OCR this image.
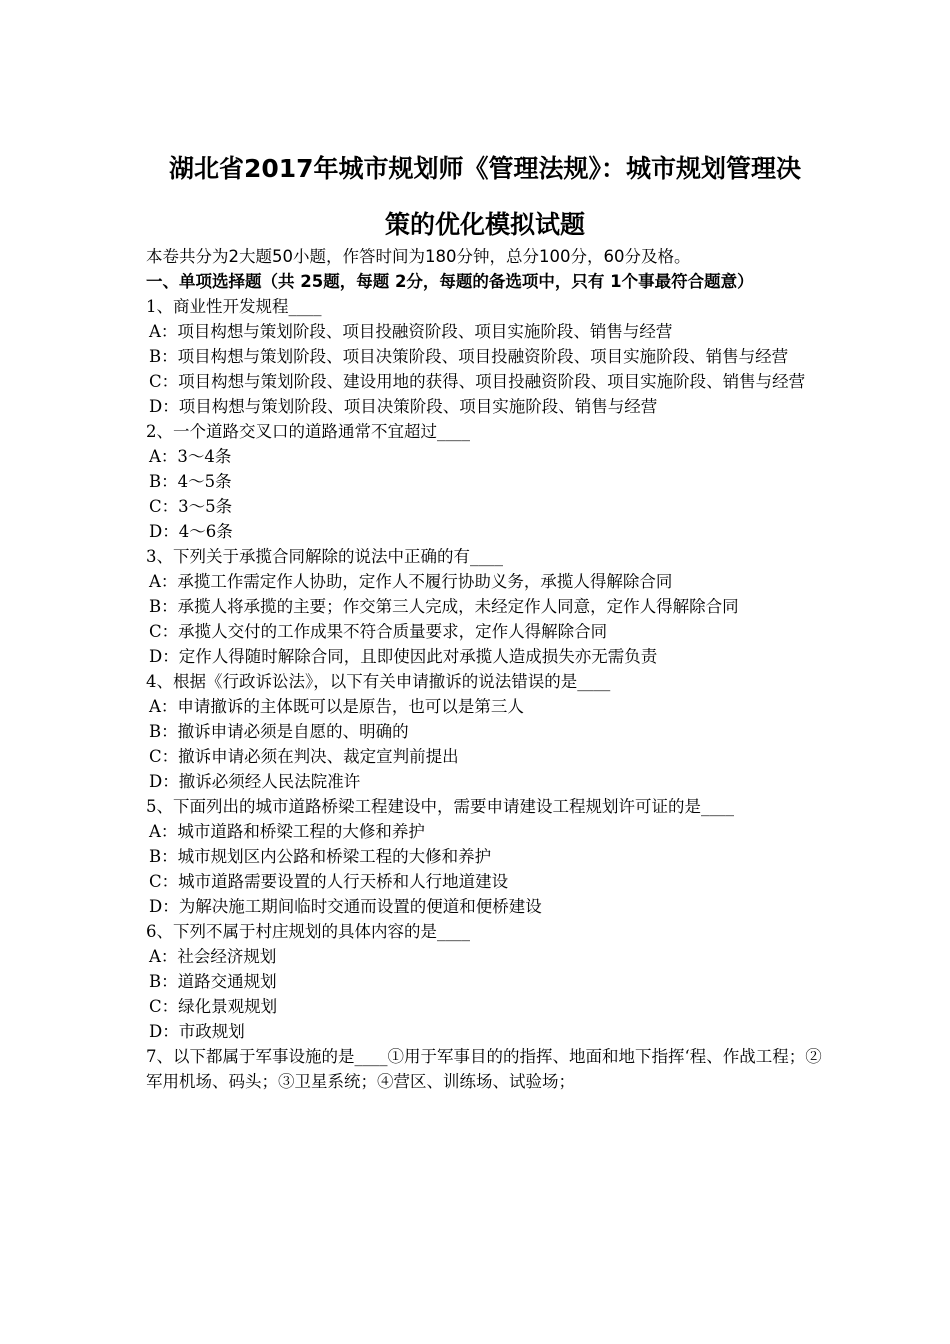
湖北省2017年城市规划师《管理法规》：城市规划管理决

策的优化模拟试题

本卷共分为2大题50小题，作答时间为180分钟，总分100分，60分及格。
一、单项选择题（共 25题，每题 2分，每题的备选项中，只有 1个事最符合题意）

1、商业性开发规程____

A：项目构想与策划阶段、项目投融资阶段、项目实施阶段、销售与经营

B：项目构想与策划阶段、项目决策阶段、项目投融资阶段、项目实施阶段、销售与经营

C：项目构想与策划阶段、建设用地的获得、项目投融资阶段、项目实施阶段、销售与经营

D：项目构想与策划阶段、项目决策阶段、项目实施阶段、销售与经营

2、一个道路交叉口的道路通常不宜超过____

A：3～4条

B：4～5条

C：3～5条

D：4～6条

3、下列关于承揽合同解除的说法中正确的有____

A：承揽工作需定作人协助，定作人不履行协助义务，承揽人得解除合同

B：承揽人将承揽的主要；作交第三人完成，未经定作人同意，定作人得解除合同

C：承揽人交付的工作成果不符合质量要求，定作人得解除合同

D：定作人得随时解除合同，且即使因此对承揽人造成损失亦无需负责

4、根据《行政诉讼法》，以下有关申请撤诉的说法错误的是____

A：申请撤诉的主体既可以是原告，也可以是第三人

B：撤诉申请必须是自愿的、明确的

C：撤诉申请必须在判决、裁定宣判前提出

D：撤诉必须经人民法院准许

5、下面列出的城市道路桥梁工程建设中，需要申请建设工程规划许可证的是____

A：城市道路和桥梁工程的大修和养护

B：城市规划区内公路和桥梁工程的大修和养护

C：城市道路需要设置的人行天桥和人行地道建设

D：为解决施工期间临时交通而设置的便道和便桥建设

6、下列不属于村庄规划的具体内容的是____

A：社会经济规划

B：道路交通规划

C：绿化景观规划

D：市政规划

7、以下都属于军事设施的是____①用于军事目的的指挥、地面和地下指挥‘程、作战工程；②军用机场、码头；③卫星系统；④营区、训练场、试验场；
